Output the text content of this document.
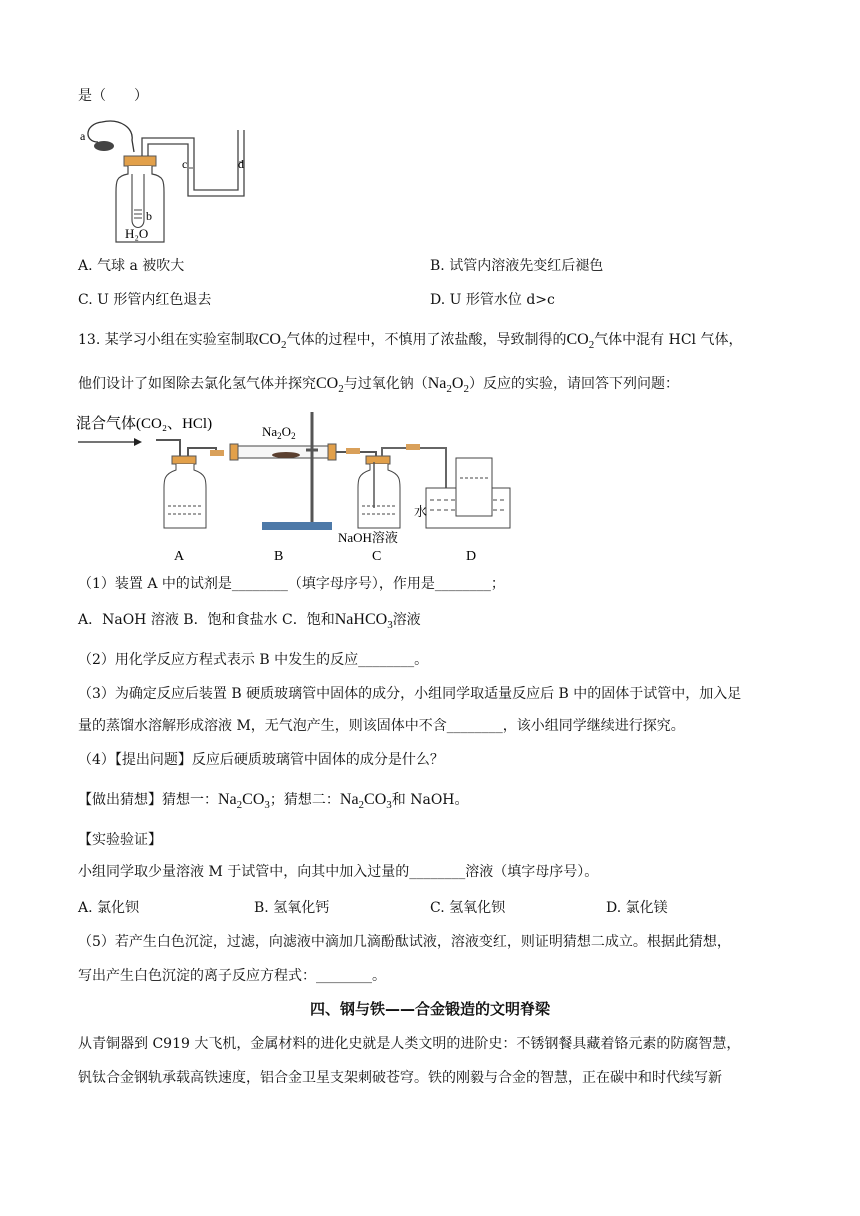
是（　　）
a
b
c	d
H₂O
A. 气球 a 被吹大	B. 试管内溶液先变红后褪色
C. U 形管内红色退去	D. U 形管水位 d>c
13. 某学习小组在实验室制取$CO_2$气体的过程中，不慎用了浓盐酸，导致制得的$CO_2$气体中混有 HCl 气体，
他们设计了如图除去氯化氢气体并探究$CO_2$与过氧化钠$(Na_2O_2)$反应的实验，请回答下列问题：
混合气体(CO₂、HCl)	$Na_2O_2$
水
NaOH溶液
A	B	C	D
（1）装置 A 中的试剂是________（填字母序号），作用是________；
A．NaOH 溶液 B．饱和食盐水 C．饱和NaHCO$_3$溶液
（2）用化学反应方程式表示 B 中发生的反应________。
（3）为确定反应后装置 B 硬质玻璃管中固体的成分，小组同学取适量反应后 B 中的固体于试管中，加入足
量的蒸馏水溶解形成溶液 M，无气泡产生，则该固体中不含________，该小组同学继续进行探究。
（4）【提出问题】反应后硬质玻璃管中固体的成分是什么？
【做出猜想】猜想一：$Na_2CO_3$；猜想二：$Na_2CO_3$和 NaOH。
【实验验证】
小组同学取少量溶液 M 于试管中，向其中加入过量的________溶液（填字母序号）。
A. 氯化钡	B. 氢氧化钙	C. 氢氧化钡	D. 氯化镁
（5）若产生白色沉淀，过滤，向滤液中滴加几滴酚酞试液，溶液变红，则证明猜想二成立。根据此猜想，
写出产生白色沉淀的离子反应方程式：________。
四、钢与铁——合金锻造的文明脊梁
从青铜器到 C919 大飞机，金属材料的进化史就是人类文明的进阶史：不锈钢餐具藏着铬元素的防腐智慧，
钒钛合金钢轨承载高铁速度，铝合金卫星支架刺破苍穹。铁的刚毅与合金的智慧，正在碳中和时代续写新
